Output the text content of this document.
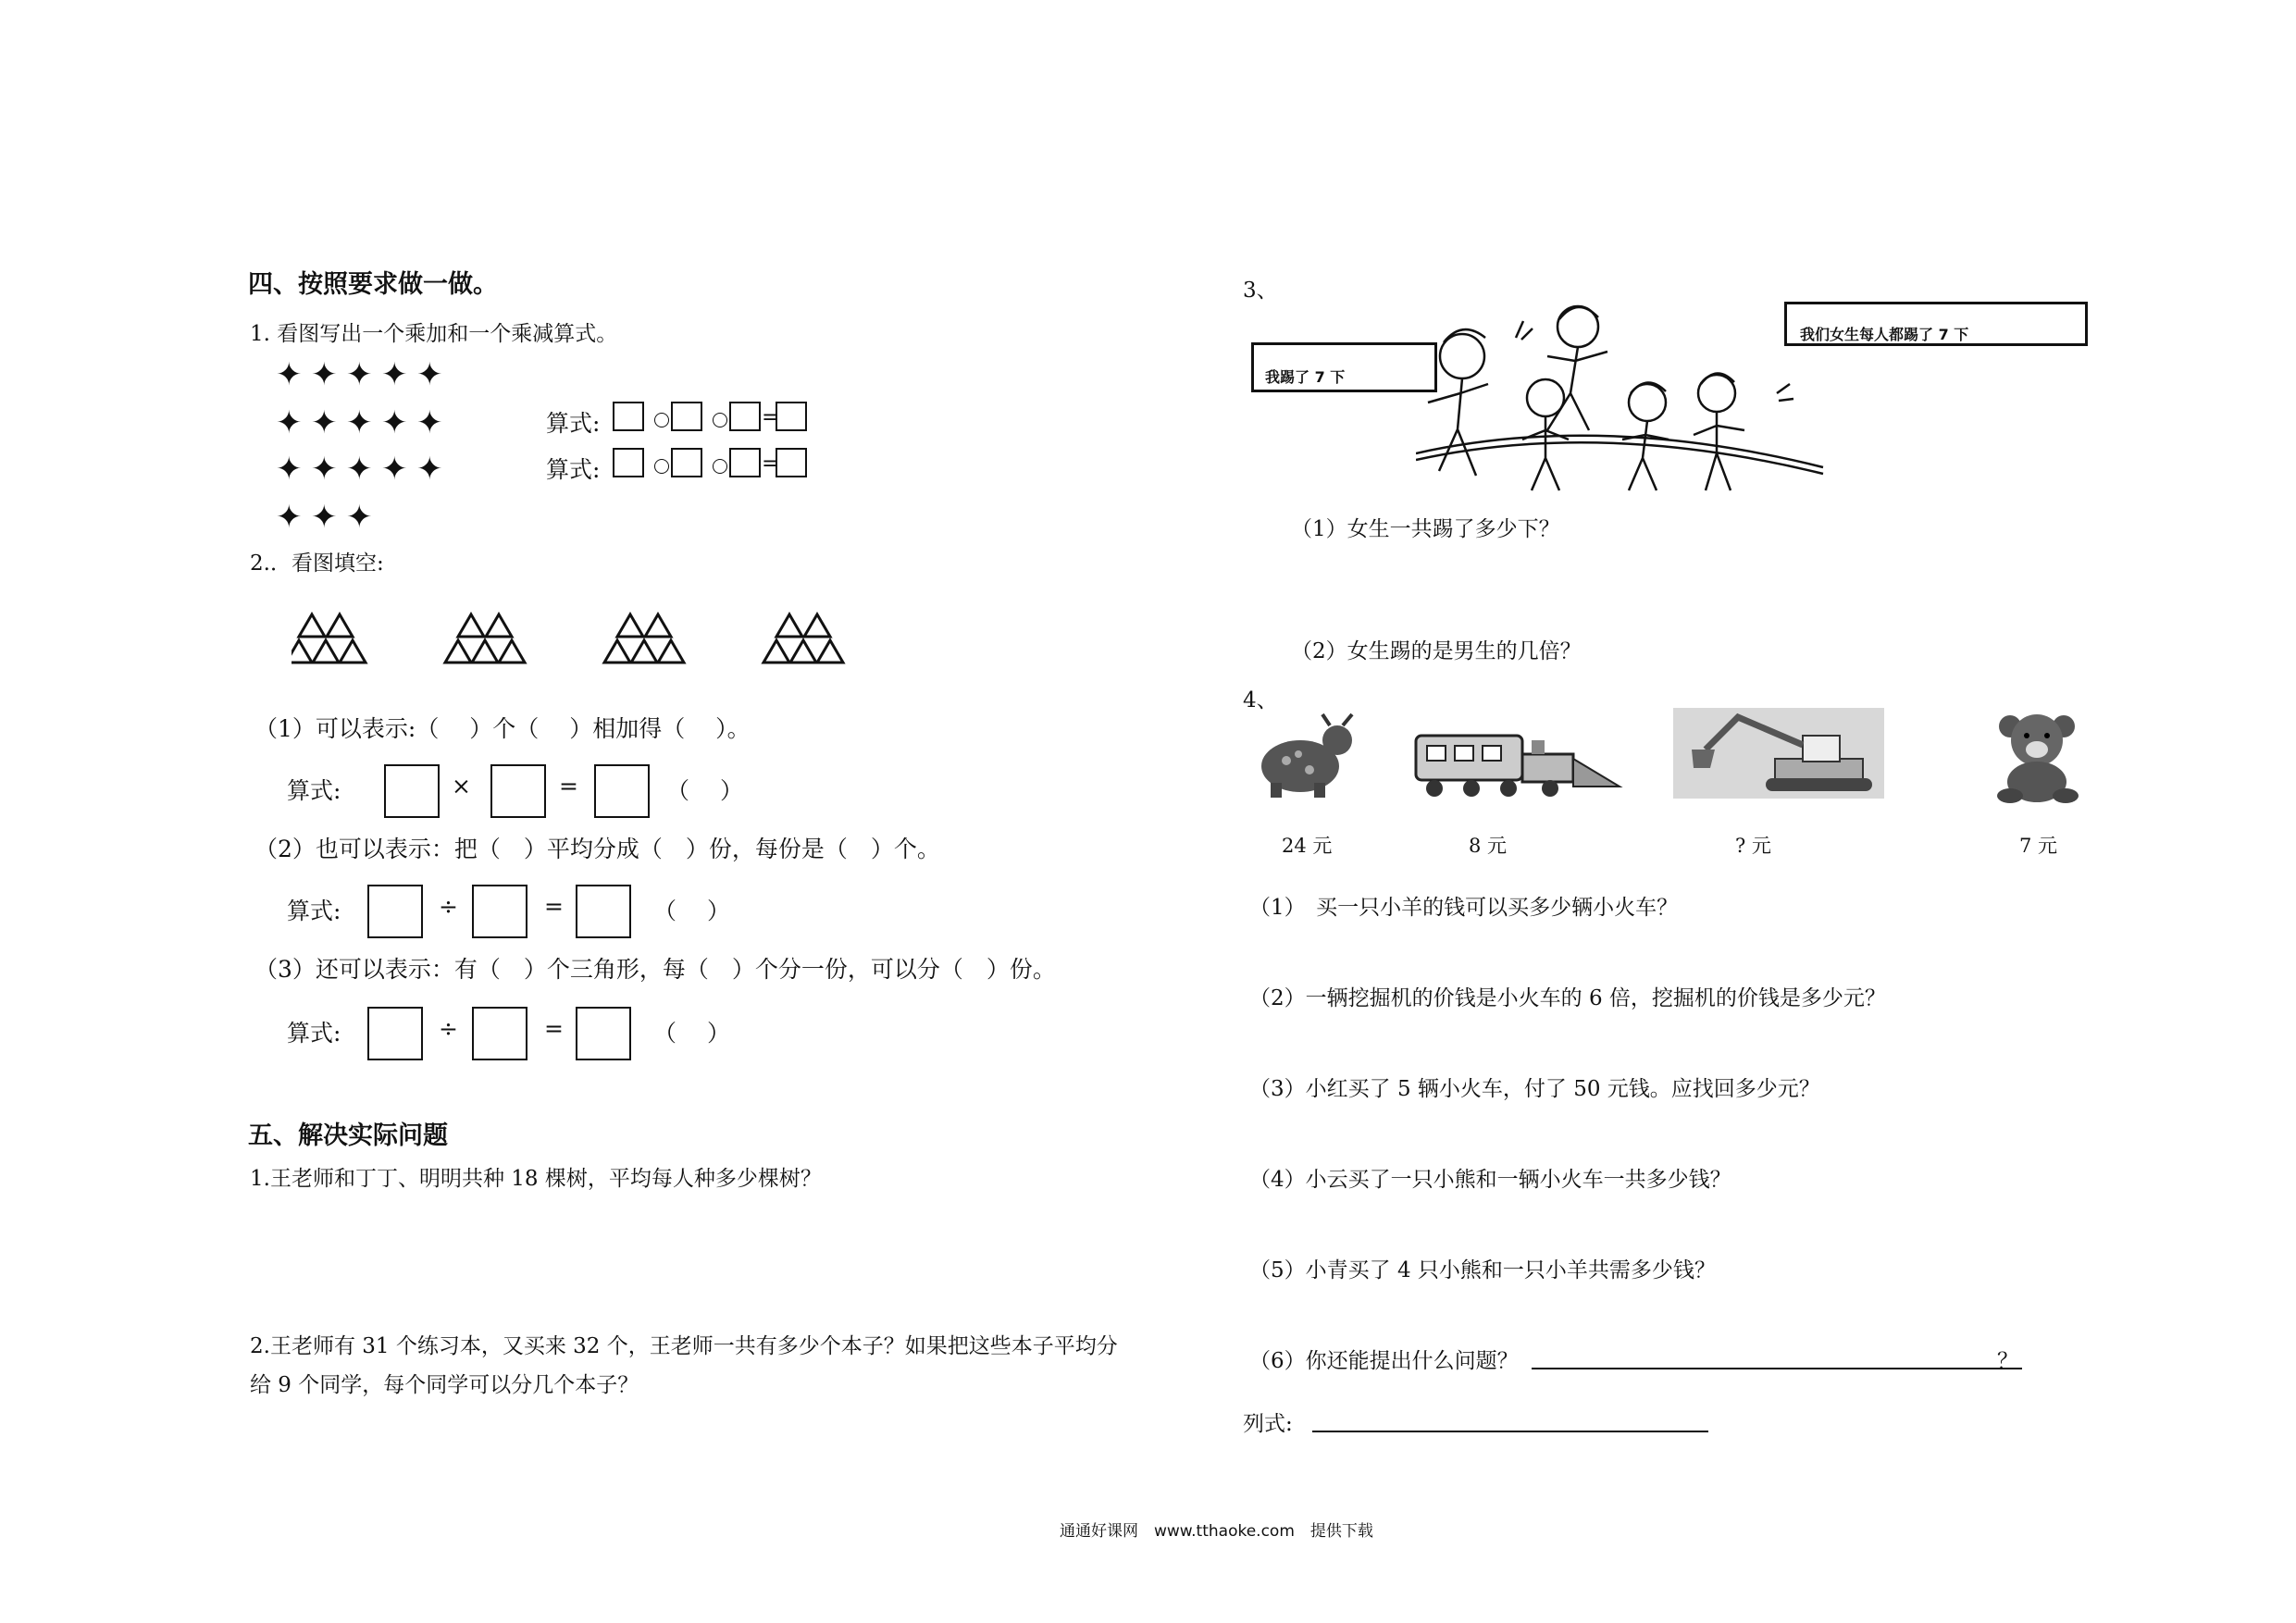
四、按照要求做一做。
1. 看图写出一个乘加和一个乘减算式。
✦ ✦ ✦ ✦ ✦
✦ ✦ ✦ ✦ ✦
✦ ✦ ✦ ✦ ✦
✦ ✦ ✦
算式:	=
算式:	=
2.．看图填空:
（1）可以表示:（　 ）个（　 ）相加得（　 ）。
算式:	×	=	（　 ）
（2）也可以表示：把（　）平均分成（　）份，每份是（　）个。
算式:	÷	=	（　 ）
（3）还可以表示：有（　）个三角形，每（　）个分一份，可以分（　）份。
算式:	÷	=	（　 ）
五、解决实际问题
1.王老师和丁丁、明明共种 18 棵树，平均每人种多少棵树？
2.王老师有 31 个练习本，又买来 32 个，王老师一共有多少个本子？如果把这些本子平均分
给 9 个同学，每个同学可以分几个本子？
3、
我踢了 7 下
我们女生每人都踢了 7 下
（1）女生一共踢了多少下？
（2）女生踢的是男生的几倍？
4、
24 元	8 元	? 元	7 元
（1）　买一只小羊的钱可以买多少辆小火车？
（2）一辆挖掘机的价钱是小火车的 6 倍，挖掘机的价钱是多少元？
（3）小红买了 5 辆小火车，付了 50 元钱。应找回多少元？
（4）小云买了一只小熊和一辆小火车一共多少钱？
（5）小青买了 4 只小熊和一只小羊共需多少钱？
（6）你还能提出什么问题？	？
列式:
通通好课网　www.tthaoke.com　提供下载
